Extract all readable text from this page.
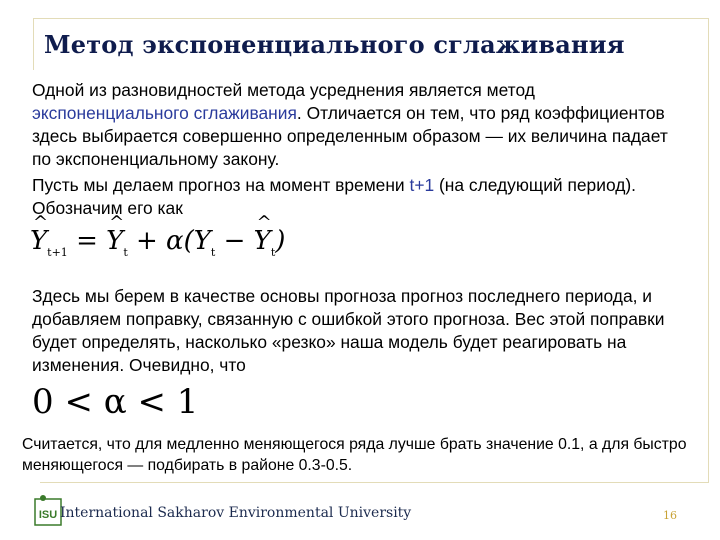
Метод экспоненциального сглаживания

Одной из разновидностей метода усреднения является метод экспоненциального сглаживания. Отличается он тем, что ряд коэффициентов здесь выбирается совершенно определенным образом — их величина падает по экспоненциальному закону.

Пусть мы делаем прогноз на момент времени t+1 (на следующий период). Обозначим его как

Y $\^{}_{t+1} = Y$ $\^{}_t + \alpha(Y_t - Y$ $\^{}_t$)

Здесь мы берем в качестве основы прогноза прогноз последнего периода, и добавляем поправку, связанную с ошибкой этого прогноза. Вес этой поправки будет определять, насколько «резко» наша модель будет реагировать на изменения. Очевидно, что

0 < α < 1

Считается, что для медленно меняющегося ряда лучше брать значение 0.1, а для быстро меняющегося — подбирать в районе 0.3-0.5.

ISU International Sakharov Environmental University	16
